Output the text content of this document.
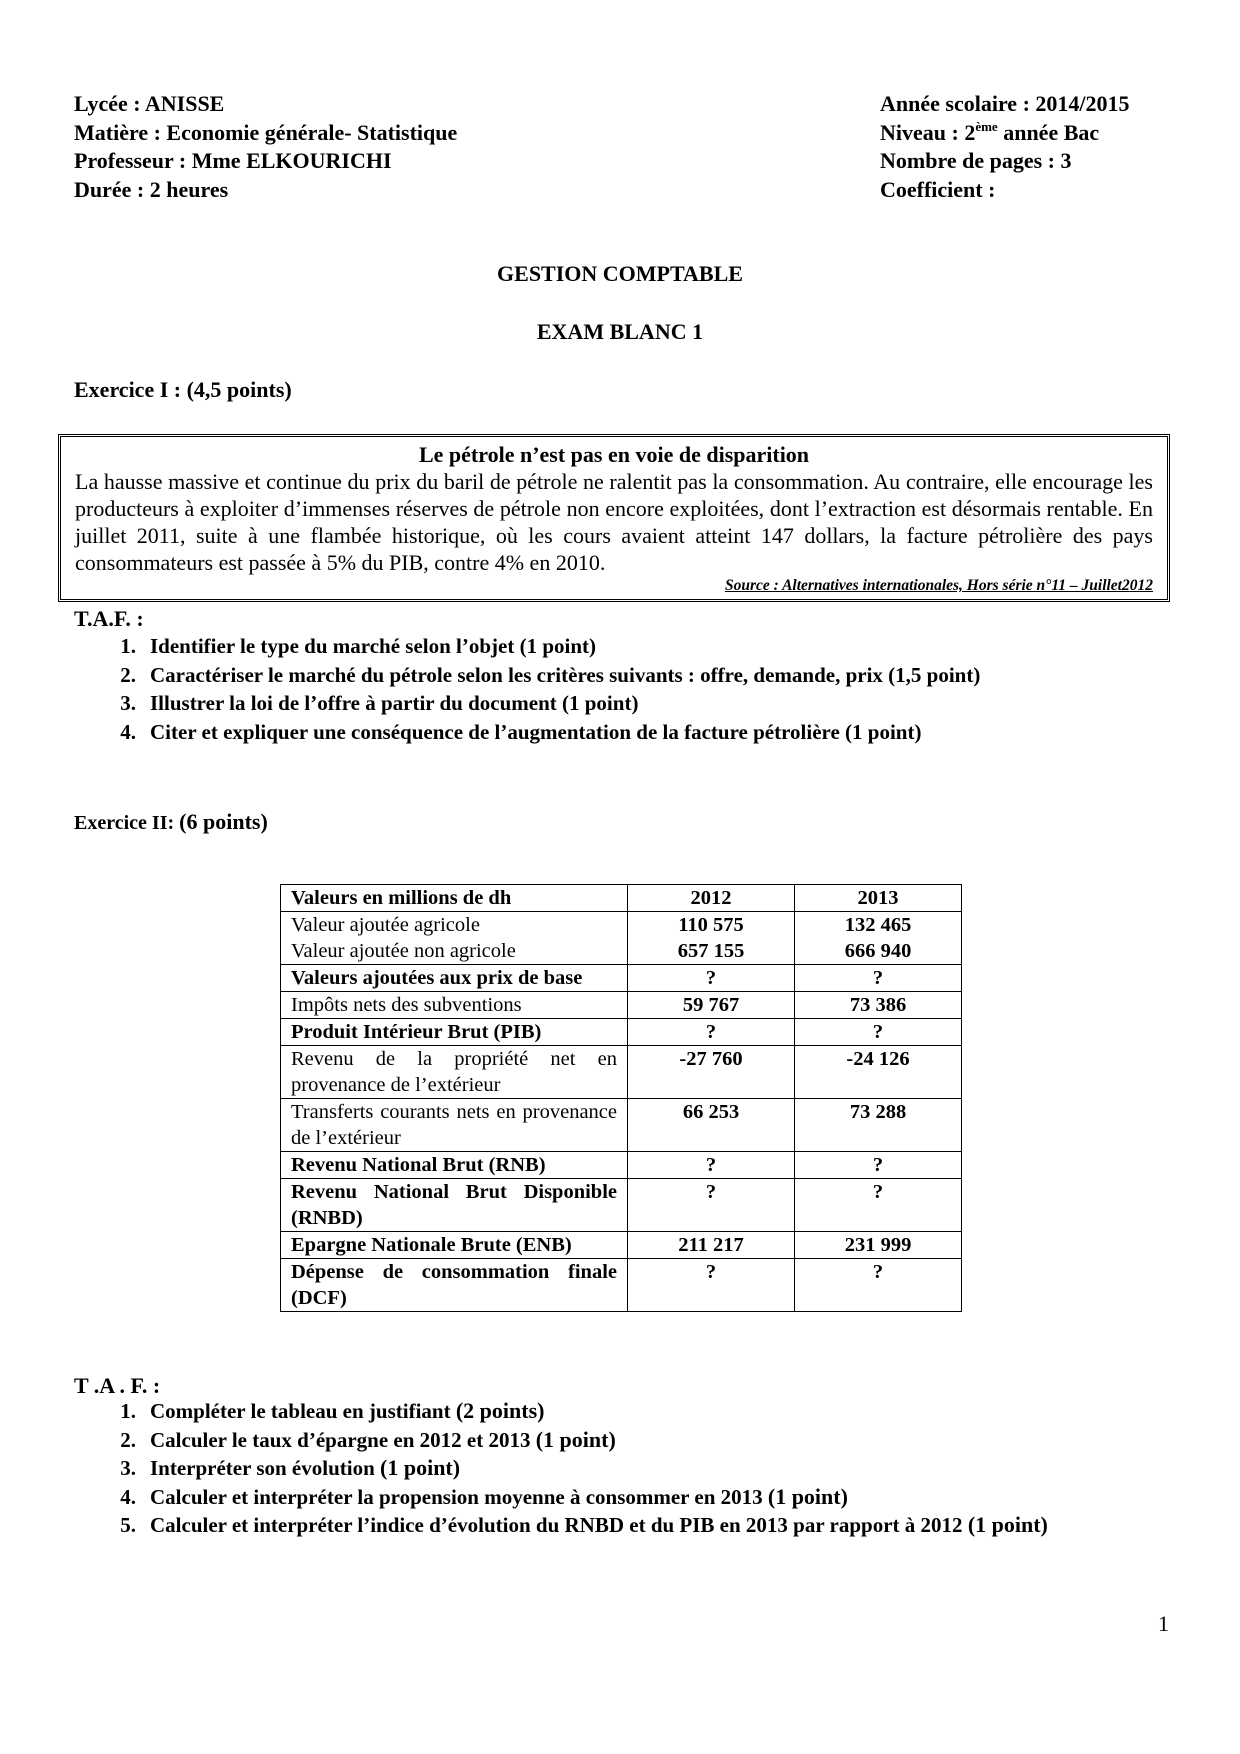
Lycée : ANISSE
Matière : Economie générale- Statistique
Professeur : Mme ELKOURICHI
Durée : 2 heures
Année scolaire : 2014/2015
Niveau : 2ème année Bac
Nombre de pages : 3
Coefficient :
GESTION COMPTABLE
EXAM BLANC 1
Exercice I : (4,5 points)
Le pétrole n’est pas en voie de disparition
La hausse massive et continue du prix du baril de pétrole ne ralentit pas la consommation. Au contraire, elle encourage les producteurs à exploiter d’immenses réserves de pétrole non encore exploitées, dont l’extraction est désormais rentable. En juillet 2011, suite à une flambée historique, où les cours avaient atteint 147 dollars, la facture pétrolière des pays consommateurs est passée à 5% du PIB, contre 4% en 2010.
Source : Alternatives internationales, Hors série n°11 – Juillet2012
T.A.F. :
1. Identifier le type du marché selon l’objet (1 point)
2. Caractériser le marché du pétrole selon les critères suivants : offre, demande, prix (1,5 point)
3. Illustrer la loi de l’offre à partir du document (1 point)
4. Citer et expliquer une conséquence de l’augmentation de la facture pétrolière (1 point)
Exercice II: (6 points)
Valeurs en millions de dh	2012	2013
Valeur ajoutée agricole	110 575	132 465
Valeur ajoutée non agricole	657 155	666 940
Valeurs ajoutées aux prix de base	?	?
Impôts nets des subventions	59 767	73 386
Produit Intérieur Brut (PIB)	?	?
Revenu de la propriété net en provenance de l’extérieur	-27 760	-24 126
Transferts courants nets en provenance de l’extérieur	66 253	73 288
Revenu National Brut (RNB)	?	?
Revenu National Brut Disponible (RNBD)	?	?
Epargne Nationale Brute (ENB)	211 217	231 999
Dépense de consommation finale (DCF)	?	?
T .A . F. :
1. Compléter le tableau en justifiant (2 points)
2. Calculer le taux d’épargne en 2012 et 2013 (1 point)
3. Interpréter son évolution (1 point)
4. Calculer et interpréter la propension moyenne à consommer en 2013 (1 point)
5. Calculer et interpréter l’indice d’évolution du RNBD et du PIB en 2013 par rapport à 2012 (1 point)
1
